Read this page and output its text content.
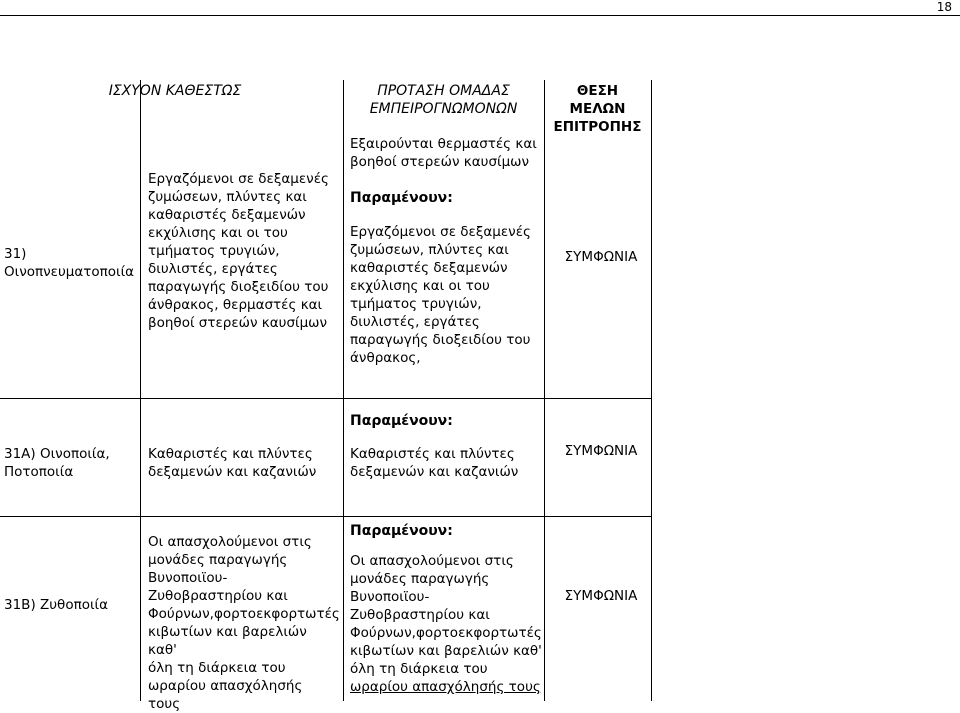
18
ΙΣΧΥΟΝ ΚΑΘΕΣΤΩΣ	ΠΡΟΤΑΣΗ ΟΜΑΔΑΣ
ΕΜΠΕΙΡΟΓΝΩΜΟΝΩΝ
ΘΕΣΗ
ΜΕΛΩΝ
ΕΠΙΤΡΟΠΗΣ
31)
Οινοπνευματοποιία
Εργαζόμενοι σε δεξαμενές
ζυμώσεων, πλύντες και
καθαριστές δεξαμενών
εκχύλισης και οι του
τμήματος τρυγιών,
διυλιστές, εργάτες
παραγωγής διοξειδίου του
άνθρακος, θερμαστές και
βοηθοί στερεών καυσίμων
Εξαιρούνται θερμαστές και
βοηθοί στερεών καυσίμων
Παραμένουν:
Εργαζόμενοι σε δεξαμενές
ζυμώσεων, πλύντες και
καθαριστές δεξαμενών
εκχύλισης και οι του
τμήματος τρυγιών,
διυλιστές, εργάτες
παραγωγής διοξειδίου του
άνθρακος,
ΣΥΜΦΩΝΙΑ
31Α) Οινοποιία,
Ποτοποιία
Καθαριστές και πλύντες
δεξαμενών και καζανιών
Παραμένουν:
Καθαριστές και πλύντες
δεξαμενών και καζανιών
ΣΥΜΦΩΝΙΑ
31Β) Ζυθοποιία
Οι απασχολούμενοι στις
μονάδες παραγωγής
Βυνοποιϊου-
Ζυθοβραστηρίου και
Φούρνων,φορτοεκφορτωτές
κιβωτίων και βαρελιών καθ'
όλη τη διάρκεια του
ωραρίου απασχόλησής τους
Παραμένουν:
Οι απασχολούμενοι στις
μονάδες παραγωγής
Βυνοποιϊου-
Ζυθοβραστηρίου και
Φούρνων,φορτοεκφορτωτές
κιβωτίων και βαρελιών καθ'
όλη τη διάρκεια του
ωραρίου απασχόλησής τους
ΣΥΜΦΩΝΙΑ
